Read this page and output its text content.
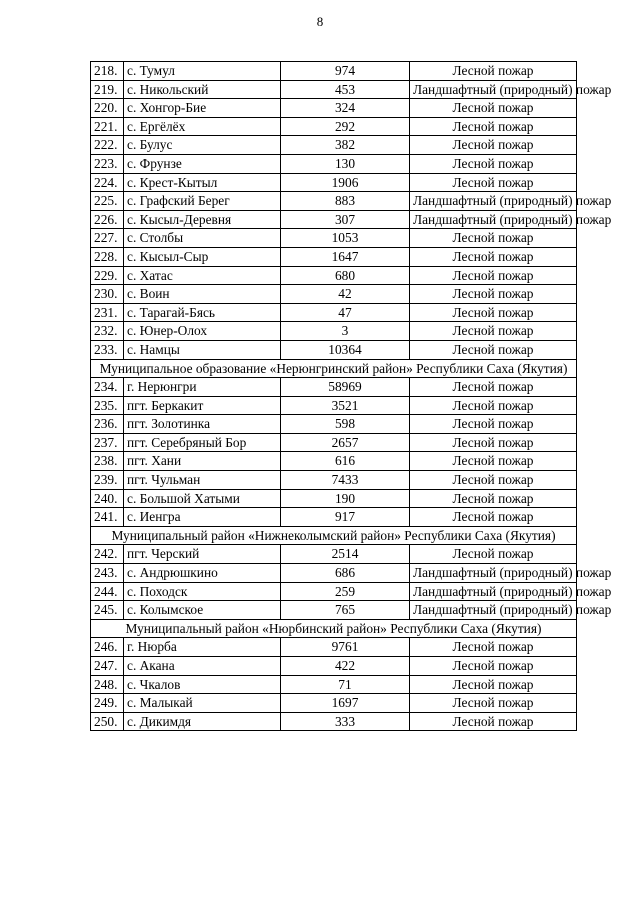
8
218.	с. Тумул	974	Лесной пожар
219.	с. Никольский	453	Ландшафтный (природный) пожар
220.	с. Хонгор-Бие	324	Лесной пожар
221.	с. Ергёлёх	292	Лесной пожар
222.	с. Булус	382	Лесной пожар
223.	с. Фрунзе	130	Лесной пожар
224.	с. Крест-Кытыл	1906	Лесной пожар
225.	с. Графский Берег	883	Ландшафтный (природный) пожар
226.	с. Кысыл-Деревня	307	Ландшафтный (природный) пожар
227.	с. Столбы	1053	Лесной пожар
228.	с. Кысыл-Сыр	1647	Лесной пожар
229.	с. Хатас	680	Лесной пожар
230.	с. Воин	42	Лесной пожар
231.	с. Тарагай-Бясь	47	Лесной пожар
232.	с. Юнер-Олох	3	Лесной пожар
233.	с. Намцы	10364	Лесной пожар
Муниципальное образование «Нерюнгринский район» Республики Саха (Якутия)			
234.	г. Нерюнгри	58969	Лесной пожар
235.	пгт. Беркакит	3521	Лесной пожар
236.	пгт. Золотинка	598	Лесной пожар
237.	пгт. Серебряный Бор	2657	Лесной пожар
238.	пгт. Хани	616	Лесной пожар
239.	пгт. Чульман	7433	Лесной пожар
240.	с. Большой Хатыми	190	Лесной пожар
241.	с. Иенгра	917	Лесной пожар
Муниципальный район «Нижнеколымский район» Республики Саха (Якутия)			
242.	пгт. Черский	2514	Лесной пожар
243.	с. Андрюшкино	686	Ландшафтный (природный) пожар
244.	с. Походск	259	Ландшафтный (природный) пожар
245.	с. Колымское	765	Ландшафтный (природный) пожар
Муниципальный район «Нюрбинский район» Республики Саха (Якутия)			
246.	г. Нюрба	9761	Лесной пожар
247.	с. Акана	422	Лесной пожар
248.	с. Чкалов	71	Лесной пожар
249.	с. Малыкай	1697	Лесной пожар
250.	с. Дикимдя	333	Лесной пожар
